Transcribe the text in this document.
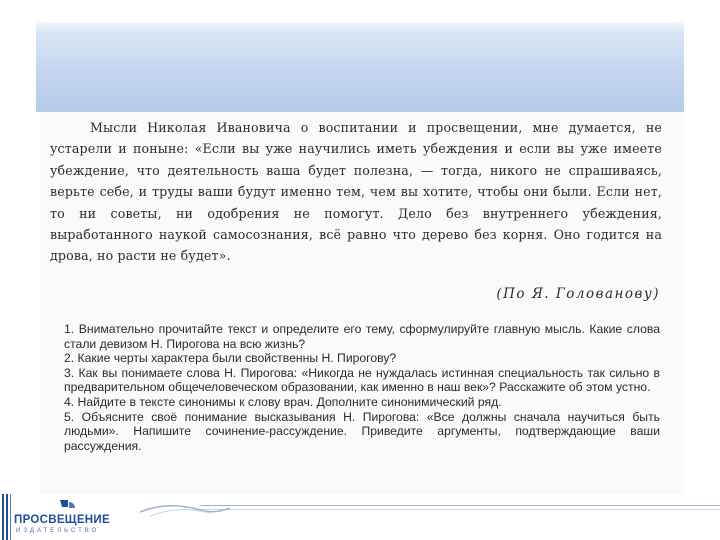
Мысли Николая Ивановича о воспитании и просвещении, мне думается, не устарели и поныне: «Если вы уже научились иметь убеждения и если вы уже имеете убеждение, что деятельность ваша будет полезна, — тогда, никого не спрашиваясь, верьте себе, и труды ваши будут именно тем, чем вы хотите, чтобы они были. Если нет, то ни советы, ни одобрения не помогут. Дело без внутреннего убеждения, выработанного наукой самосознания, всё равно что дерево без корня. Оно годится на дрова, но расти не будет».

(По Я. Голованову)
1. Внимательно прочитайте текст и определите его тему, сформулируйте главную мысль. Какие слова стали девизом Н. Пирогова на всю жизнь?
2. Какие черты характера были свойственны Н. Пирогову?
3. Как вы понимаете слова Н. Пирогова: «Никогда не нуждалась истинная специальность так сильно в предварительном общечеловеческом образовании, как именно в наш век»? Расскажите об этом устно.
4. Найдите в тексте синонимы к слову врач. Дополните синонимический ряд.
5. Объясните своё понимание высказывания Н. Пирогова: «Все должны сначала научиться быть людьми». Напишите сочинение-рассуждение. Приведите аргументы, подтверждающие ваши рассуждения.
ПРОСВЕЩЕНИЕ
ИЗДАТЕЛЬСТВО
